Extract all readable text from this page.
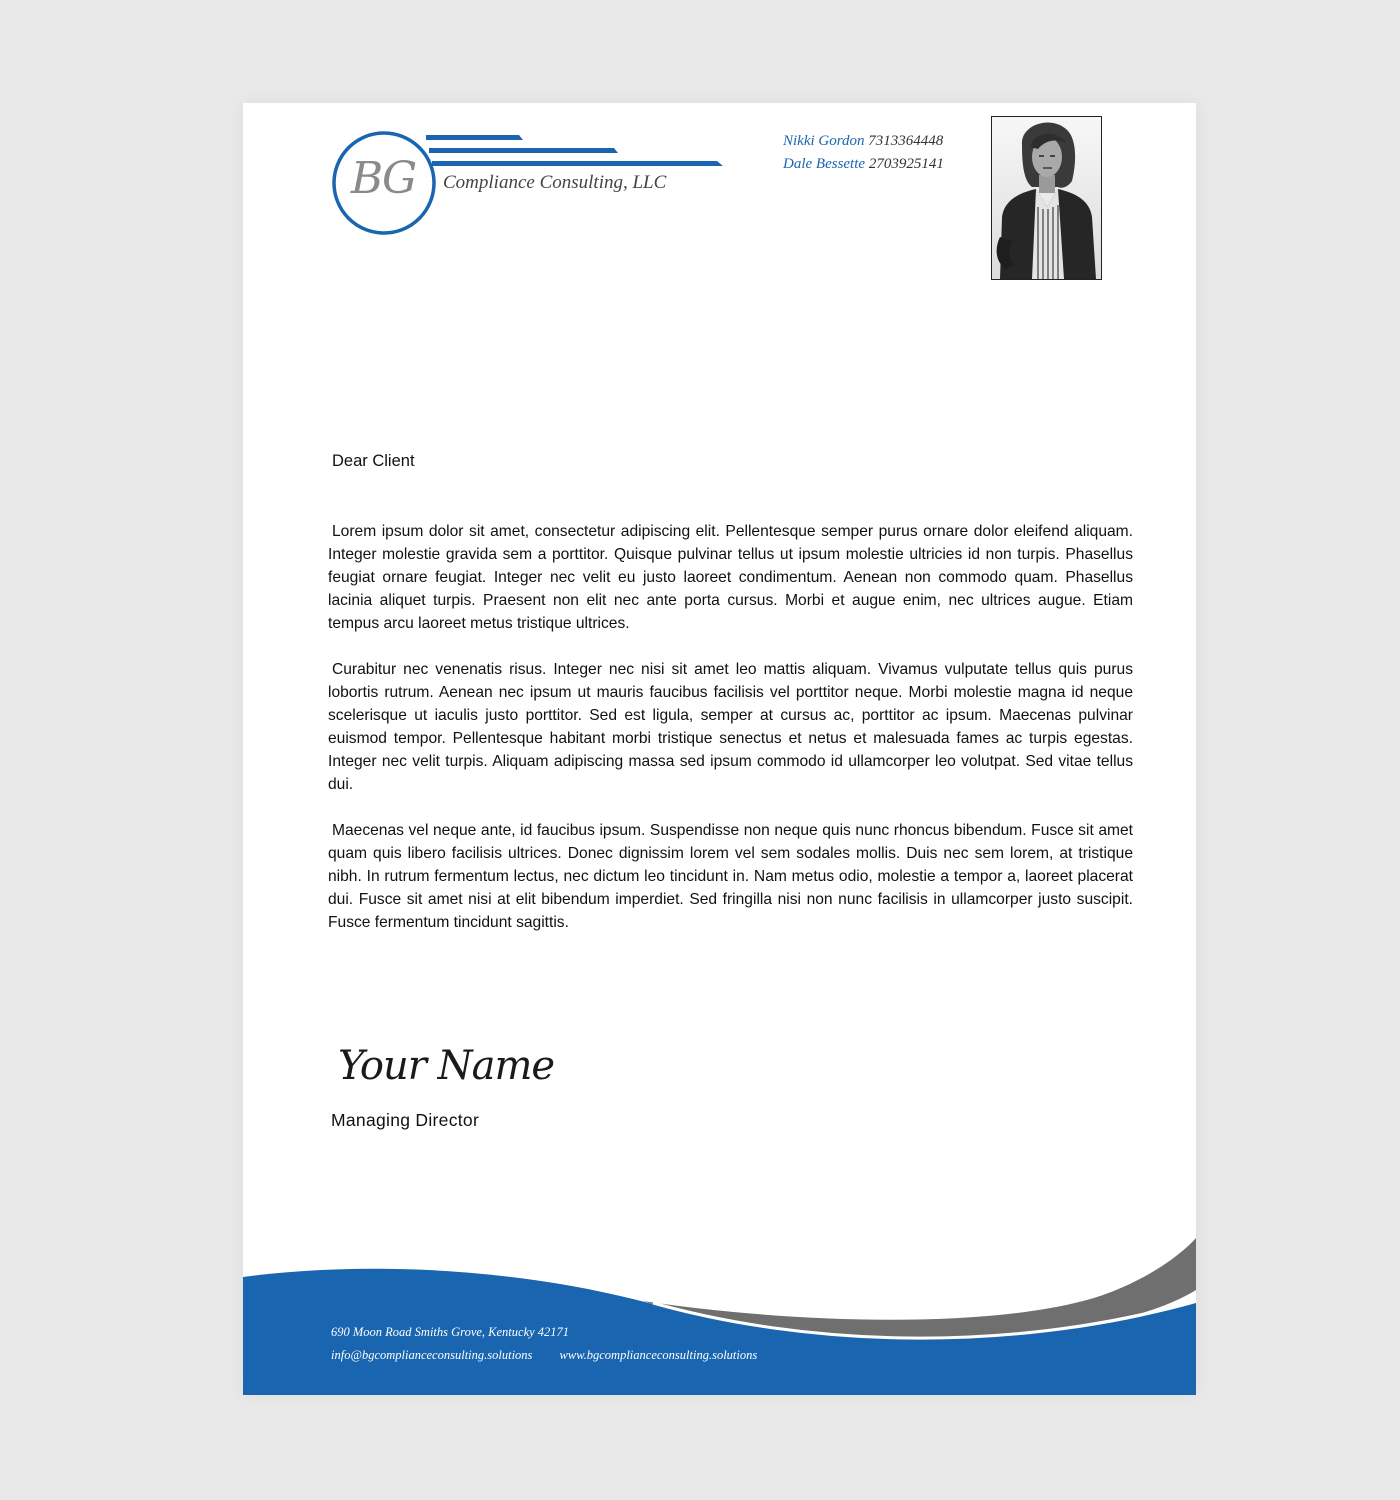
BG	Compliance Consulting, LLC
Nikki Gordon 7313364448
Dale Bessette 2703925141
Dear Client

Lorem ipsum dolor sit amet, consectetur adipiscing elit. Pellentesque semper purus ornare dolor eleifend aliquam. Integer molestie gravida sem a porttitor. Quisque pulvinar tellus ut ipsum molestie ultricies id non turpis. Phasellus feugiat ornare feugiat. Integer nec velit eu justo laoreet condimentum. Aenean non commodo quam. Phasellus lacinia aliquet turpis. Praesent non elit nec ante porta cursus. Morbi et augue enim, nec ultrices augue. Etiam tempus arcu laoreet metus tristique ultrices.

Curabitur nec venenatis risus. Integer nec nisi sit amet leo mattis aliquam. Vivamus vulputate tellus quis purus lobortis rutrum. Aenean nec ipsum ut mauris faucibus facilisis vel porttitor neque. Morbi molestie magna id neque scelerisque ut iaculis justo porttitor. Sed est ligula, semper at cursus ac, porttitor ac ipsum. Maecenas pulvinar euismod tempor. Pellentesque habitant morbi tristique senectus et netus et malesuada fames ac turpis egestas. Integer nec velit turpis. Aliquam adipiscing massa sed ipsum commodo id ullamcorper leo volutpat. Sed vitae tellus dui.

Maecenas vel neque ante, id faucibus ipsum. Suspendisse non neque quis nunc rhoncus bibendum. Fusce sit amet quam quis libero facilisis ultrices. Donec dignissim lorem vel sem sodales mollis. Duis nec sem lorem, at tristique nibh. In rutrum fermentum lectus, nec dictum leo tincidunt in. Nam metus odio, molestie a tempor a, laoreet placerat dui. Fusce sit amet nisi at elit bibendum imperdiet. Sed fringilla nisi non nunc facilisis in ullamcorper justo suscipit. Fusce fermentum tincidunt sagittis.

Your Name
Managing Director
690 Moon Road Smiths Grove, Kentucky 42171
info@bgcomplianceconsulting.solutions www.bgcomplianceconsulting.solutions
